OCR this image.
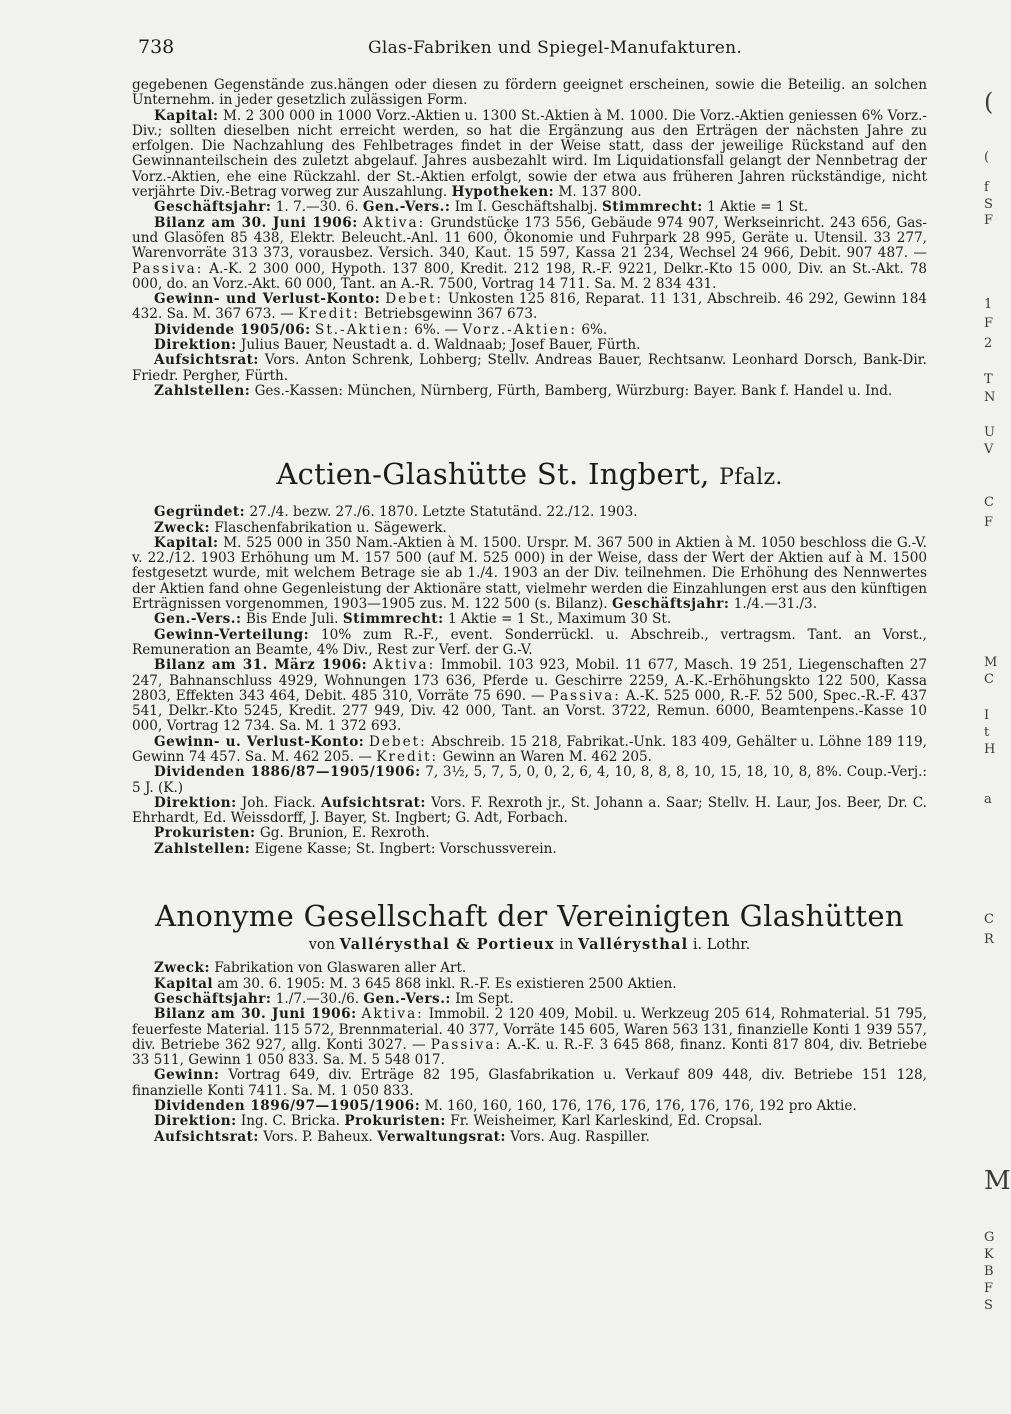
738	Glas-Fabriken und Spiegel-Manufakturen.

gegebenen Gegenstände zus.hängen oder diesen zu fördern geeignet erscheinen, sowie die Beteilig. an solchen Unternehm. in jeder gesetzlich zulässigen Form.

Kapital: M. 2 300 000 in 1000 Vorz.-Aktien u. 1300 St.-Aktien à M. 1000. Die Vorz.-Aktien geniessen 6% Vorz.-Div.; sollten dieselben nicht erreicht werden, so hat die Ergänzung aus den Erträgen der nächsten Jahre zu erfolgen. Die Nachzahlung des Fehlbetrages findet in der Weise statt, dass der jeweilige Rückstand auf den Gewinnanteilschein des zuletzt abgelauf. Jahres ausbezahlt wird. Im Liquidationsfall gelangt der Nennbetrag der Vorz.-Aktien, ehe eine Rückzahl. der St.-Aktien erfolgt, sowie der etwa aus früheren Jahren rückständige, nicht verjährte Div.-Betrag vorweg zur Auszahlung. Hypotheken: M. 137 800.

Geschäftsjahr: 1. 7.—30. 6. Gen.-Vers.: Im I. Geschäftshalbj. Stimmrecht: 1 Aktie = 1 St.

Bilanz am 30. Juni 1906: Aktiva: Grundstücke 173 556, Gebäude 974 907, Werkseinricht. 243 656, Gas- und Glasöfen 85 438, Elektr. Beleucht.-Anl. 11 600, Ökonomie und Fuhrpark 28 995, Geräte u. Utensil. 33 277, Warenvorräte 313 373, vorausbez. Versich. 340, Kaut. 15 597, Kassa 21 234, Wechsel 24 966, Debit. 907 487. — Passiva: A.-K. 2 300 000, Hypoth. 137 800, Kredit. 212 198, R.-F. 9221, Delkr.-Kto 15 000, Div. an St.-Akt. 78 000, do. an Vorz.-Akt. 60 000, Tant. an A.-R. 7500, Vortrag 14 711. Sa. M. 2 834 431.

Gewinn- und Verlust-Konto: Debet: Unkosten 125 816, Reparat. 11 131, Abschreib. 46 292, Gewinn 184 432. Sa. M. 367 673. — Kredit: Betriebsgewinn 367 673.

Dividende 1905/06: St.-Aktien: 6%. — Vorz.-Aktien: 6%.

Direktion: Julius Bauer, Neustadt a. d. Waldnaab; Josef Bauer, Fürth.

Aufsichtsrat: Vors. Anton Schrenk, Lohberg; Stellv. Andreas Bauer, Rechtsanw. Leonhard Dorsch, Bank-Dir. Friedr. Pergher, Fürth.

Zahlstellen: Ges.-Kassen: München, Nürnberg, Fürth, Bamberg, Würzburg: Bayer. Bank f. Handel u. Ind.

Actien-Glashütte St. Ingbert, Pfalz.

Gegründet: 27./4. bezw. 27./6. 1870. Letzte Statutänd. 22./12. 1903.

Zweck: Flaschenfabrikation u. Sägewerk.

Kapital: M. 525 000 in 350 Nam.-Aktien à M. 1500. Urspr. M. 367 500 in Aktien à M. 1050 beschloss die G.-V. v. 22./12. 1903 Erhöhung um M. 157 500 (auf M. 525 000) in der Weise, dass der Wert der Aktien auf à M. 1500 festgesetzt wurde, mit welchem Betrage sie ab 1./4. 1903 an der Div. teilnehmen. Die Erhöhung des Nennwertes der Aktien fand ohne Gegenleistung der Aktionäre statt, vielmehr werden die Einzahlungen erst aus den künftigen Erträgnissen vorgenommen, 1903—1905 zus. M. 122 500 (s. Bilanz). Geschäftsjahr: 1./4.—31./3.

Gen.-Vers.: Bis Ende Juli. Stimmrecht: 1 Aktie = 1 St., Maximum 30 St.

Gewinn-Verteilung: 10% zum R.-F., event. Sonderrückl. u. Abschreib., vertragsm. Tant. an Vorst., Remuneration an Beamte, 4% Div., Rest zur Verf. der G.-V.

Bilanz am 31. März 1906: Aktiva: Immobil. 103 923, Mobil. 11 677, Masch. 19 251, Liegenschaften 27 247, Bahnanschluss 4929, Wohnungen 173 636, Pferde u. Geschirre 2259, A.-K.-Erhöhungskto 122 500, Kassa 2803, Effekten 343 464, Debit. 485 310, Vorräte 75 690. — Passiva: A.-K. 525 000, R.-F. 52 500, Spec.-R.-F. 437 541, Delkr.-Kto 5245, Kredit. 277 949, Div. 42 000, Tant. an Vorst. 3722, Remun. 6000, Beamtenpens.-Kasse 10 000, Vortrag 12 734. Sa. M. 1 372 693.

Gewinn- u. Verlust-Konto: Debet: Abschreib. 15 218, Fabrikat.-Unk. 183 409, Gehälter u. Löhne 189 119, Gewinn 74 457. Sa. M. 462 205. — Kredit: Gewinn an Waren M. 462 205.

Dividenden 1886/87—1905/1906: 7, 3½, 5, 7, 5, 0, 0, 2, 6, 4, 10, 8, 8, 8, 10, 15, 18, 10, 8, 8%. Coup.-Verj.: 5 J. (K.)

Direktion: Joh. Fiack. Aufsichtsrat: Vors. F. Rexroth jr., St. Johann a. Saar; Stellv. H. Laur, Jos. Beer, Dr. C. Ehrhardt, Ed. Weissdorff, J. Bayer, St. Ingbert; G. Adt, Forbach.

Prokuristen: Gg. Brunion, E. Rexroth.

Zahlstellen: Eigene Kasse; St. Ingbert: Vorschussverein.

Anonyme Gesellschaft der Vereinigten Glashütten
von Vallérysthal & Portieux in Vallérysthal i. Lothr.

Zweck: Fabrikation von Glaswaren aller Art.

Kapital am 30. 6. 1905: M. 3 645 868 inkl. R.-F. Es existieren 2500 Aktien.

Geschäftsjahr: 1./7.—30./6. Gen.-Vers.: Im Sept.

Bilanz am 30. Juni 1906: Aktiva: Immobil. 2 120 409, Mobil. u. Werkzeug 205 614, Rohmaterial. 51 795, feuerfeste Material. 115 572, Brennmaterial. 40 377, Vorräte 145 605, Waren 563 131, finanzielle Konti 1 939 557, div. Betriebe 362 927, allg. Konti 3027. — Passiva: A.-K. u. R.-F. 3 645 868, finanz. Konti 817 804, div. Betriebe 33 511, Gewinn 1 050 833. Sa. M. 5 548 017.

Gewinn: Vortrag 649, div. Erträge 82 195, Glasfabrikation u. Verkauf 809 448, div. Betriebe 151 128, finanzielle Konti 7411. Sa. M. 1 050 833.

Dividenden 1896/97—1905/1906: M. 160, 160, 160, 176, 176, 176, 176, 176, 176, 192 pro Aktie.

Direktion: Ing. C. Bricka. Prokuristen: Fr. Weisheimer, Karl Karleskind, Ed. Cropsal.

Aufsichtsrat: Vors. P. Baheux. Verwaltungsrat: Vors. Aug. Raspiller.

(
(
f
S
F
1
F
2
T
N
U
V
C
F
M
C
I
t
H
a
C
R
M
G
K
B
F
S
